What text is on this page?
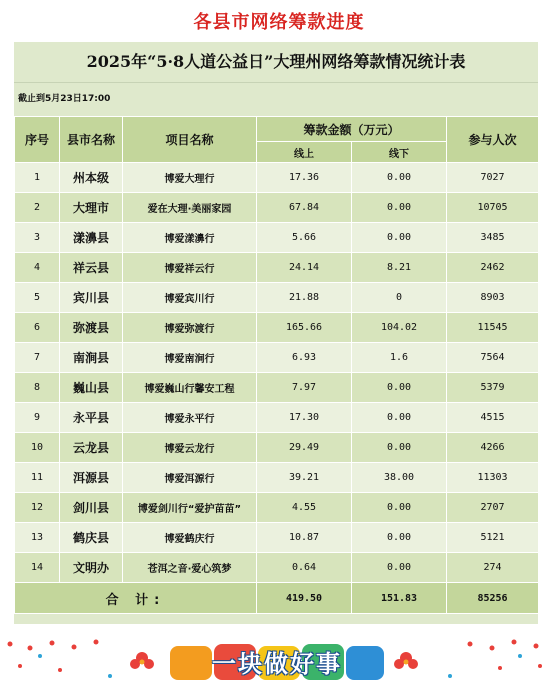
各县市网络筹款进度
2025年“5·8人道公益日”大理州网络筹款情况统计表
截止到5月23日17:00
序号	县市名称	项目名称	筹款金额（万元）		参与人次
			线上	线下	
1	州本级	博爱大理行	17.36	0.00	7027
2	大理市	爱在大理·美丽家园	67.84	0.00	10705
3	漾濞县	博爱漾濞行	5.66	0.00	3485
4	祥云县	博爱祥云行	24.14	8.21	2462
5	宾川县	博爱宾川行	21.88	0	8903
6	弥渡县	博爱弥渡行	165.66	104.02	11545
7	南涧县	博爱南涧行	6.93	1.6	7564
8	巍山县	博爱巍山行馨安工程	7.97	0.00	5379
9	永平县	博爱永平行	17.30	0.00	4515
10	云龙县	博爱云龙行	29.49	0.00	4266
11	洱源县	博爱洱源行	39.21	38.00	11303
12	剑川县	博爱剑川行“爱护苗苗”	4.55	0.00	2707
13	鹤庆县	博爱鹤庆行	10.87	0.00	5121
14	文明办	苍洱之音·爱心筑梦	0.64	0.00	274
合 计:			419.50	151.83	85256
一块做好事
